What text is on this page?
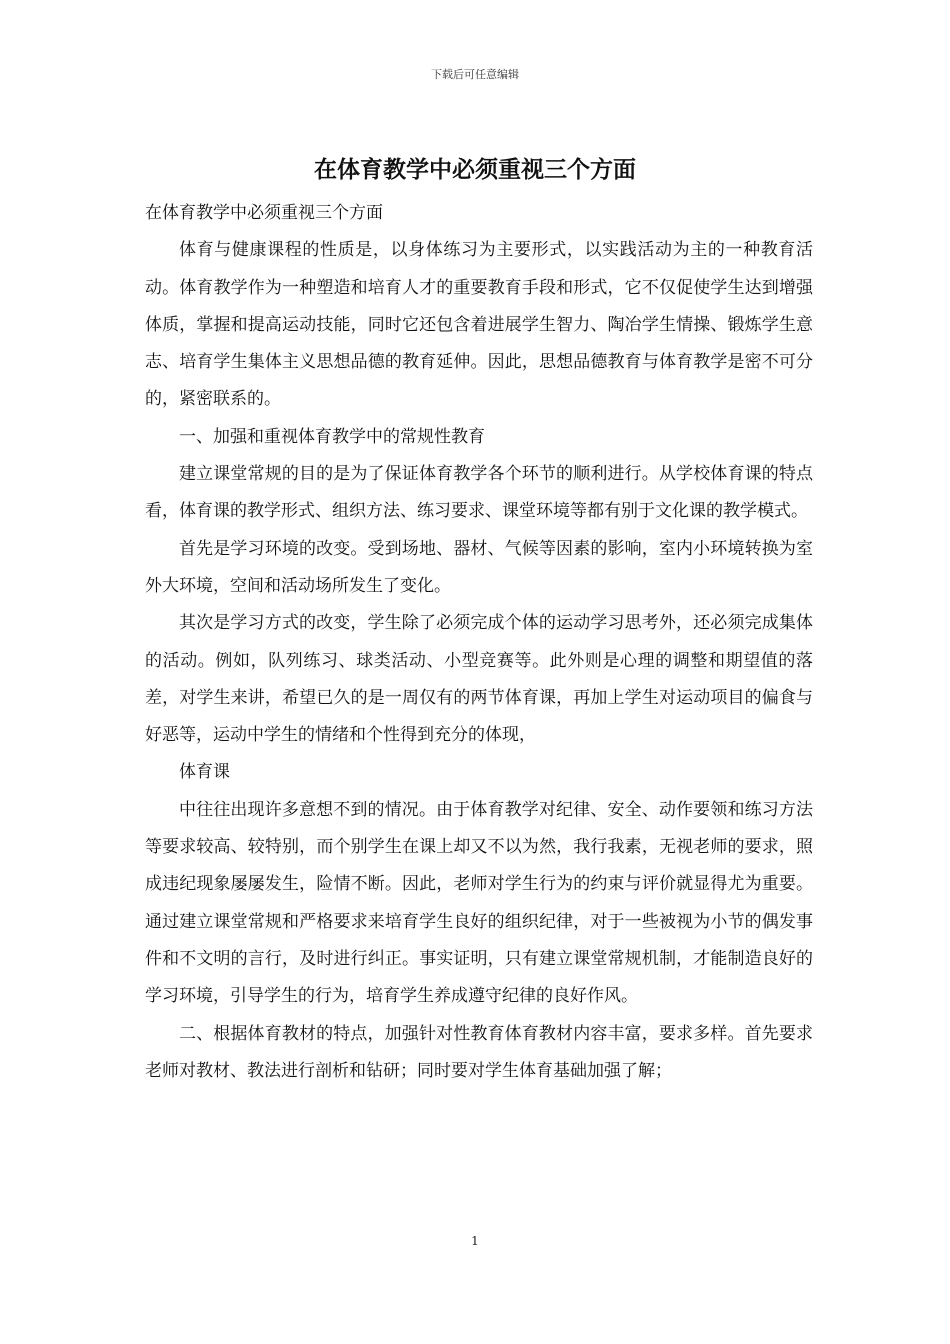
下载后可任意编辑
在体育教学中必须重视三个方面

在体育教学中必须重视三个方面

体育与健康课程的性质是，以身体练习为主要形式，以实践活动为主的一种教育活动。体育教学作为一种塑造和培育人才的重要教育手段和形式，它不仅促使学生达到增强体质，掌握和提高运动技能，同时它还包含着进展学生智力、陶冶学生情操、锻炼学生意志、培育学生集体主义思想品德的教育延伸。因此，思想品德教育与体育教学是密不可分的，紧密联系的。

一、加强和重视体育教学中的常规性教育

建立课堂常规的目的是为了保证体育教学各个环节的顺利进行。从学校体育课的特点看，体育课的教学形式、组织方法、练习要求、课堂环境等都有别于文化课的教学模式。

首先是学习环境的改变。受到场地、器材、气候等因素的影响，室内小环境转换为室外大环境，空间和活动场所发生了变化。

其次是学习方式的改变，学生除了必须完成个体的运动学习思考外，还必须完成集体的活动。例如，队列练习、球类活动、小型竞赛等。此外则是心理的调整和期望值的落差，对学生来讲，希望已久的是一周仅有的两节体育课，再加上学生对运动项目的偏食与好恶等，运动中学生的情绪和个性得到充分的体现，

体育课

中往往出现许多意想不到的情况。由于体育教学对纪律、安全、动作要领和练习方法等要求较高、较特别，而个别学生在课上却又不以为然，我行我素，无视老师的要求，照成违纪现象屡屡发生，险情不断。因此，老师对学生行为的约束与评价就显得尤为重要。通过建立课堂常规和严格要求来培育学生良好的组织纪律，对于一些被视为小节的偶发事件和不文明的言行，及时进行纠正。事实证明，只有建立课堂常规机制，才能制造良好的学习环境，引导学生的行为，培育学生养成遵守纪律的良好作风。

二、根据体育教材的特点，加强针对性教育体育教材内容丰富，要求多样。首先要求老师对教材、教法进行剖析和钻研；同时要对学生体育基础加强了解；

1
